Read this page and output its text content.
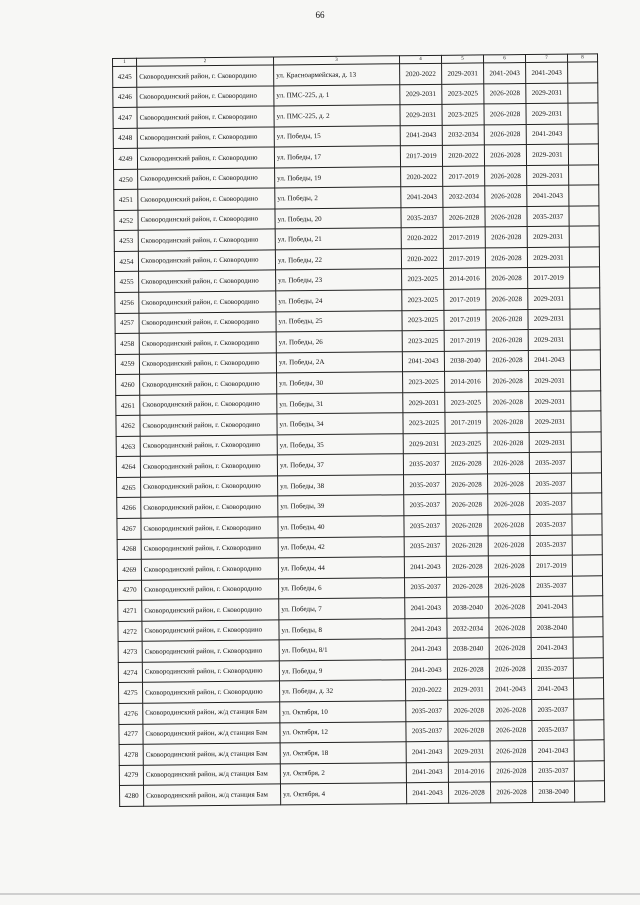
66
1	2	3	4	5	6	7	8
4245	Сковородинский район, г. Сковородино	ул. Красноармейская, д. 13	2020-2022	2029-2031	2041-2043	2041-2043	
4246	Сковородинский район, г. Сковородино	ул. ПМС-225, д. 1	2029-2031	2023-2025	2026-2028	2029-2031	
4247	Сковородинский район, г. Сковородино	ул. ПМС-225, д. 2	2029-2031	2023-2025	2026-2028	2029-2031	
4248	Сковородинский район, г. Сковородино	ул. Победы, 15	2041-2043	2032-2034	2026-2028	2041-2043	
4249	Сковородинский район, г. Сковородино	ул. Победы, 17	2017-2019	2020-2022	2026-2028	2029-2031	
4250	Сковородинский район, г. Сковородино	ул. Победы, 19	2020-2022	2017-2019	2026-2028	2029-2031	
4251	Сковородинский район, г. Сковородино	ул. Победы, 2	2041-2043	2032-2034	2026-2028	2041-2043	
4252	Сковородинский район, г. Сковородино	ул. Победы, 20	2035-2037	2026-2028	2026-2028	2035-2037	
4253	Сковородинский район, г. Сковородино	ул. Победы, 21	2020-2022	2017-2019	2026-2028	2029-2031	
4254	Сковородинский район, г. Сковородино	ул. Победы, 22	2020-2022	2017-2019	2026-2028	2029-2031	
4255	Сковородинский район, г. Сковородино	ул. Победы, 23	2023-2025	2014-2016	2026-2028	2017-2019	
4256	Сковородинский район, г. Сковородино	ул. Победы, 24	2023-2025	2017-2019	2026-2028	2029-2031	
4257	Сковородинский район, г. Сковородино	ул. Победы, 25	2023-2025	2017-2019	2026-2028	2029-2031	
4258	Сковородинский район, г. Сковородино	ул. Победы, 26	2023-2025	2017-2019	2026-2028	2029-2031	
4259	Сковородинский район, г. Сковородино	ул. Победы, 2А	2041-2043	2038-2040	2026-2028	2041-2043	
4260	Сковородинский район, г. Сковородино	ул. Победы, 30	2023-2025	2014-2016	2026-2028	2029-2031	
4261	Сковородинский район, г. Сковородино	ул. Победы, 31	2029-2031	2023-2025	2026-2028	2029-2031	
4262	Сковородинский район, г. Сковородино	ул. Победы, 34	2023-2025	2017-2019	2026-2028	2029-2031	
4263	Сковородинский район, г. Сковородино	ул. Победы, 35	2029-2031	2023-2025	2026-2028	2029-2031	
4264	Сковородинский район, г. Сковородино	ул. Победы, 37	2035-2037	2026-2028	2026-2028	2035-2037	
4265	Сковородинский район, г. Сковородино	ул. Победы, 38	2035-2037	2026-2028	2026-2028	2035-2037	
4266	Сковородинский район, г. Сковородино	ул. Победы, 39	2035-2037	2026-2028	2026-2028	2035-2037	
4267	Сковородинский район, г. Сковородино	ул. Победы, 40	2035-2037	2026-2028	2026-2028	2035-2037	
4268	Сковородинский район, г. Сковородино	ул. Победы, 42	2035-2037	2026-2028	2026-2028	2035-2037	
4269	Сковородинский район, г. Сковородино	ул. Победы, 44	2041-2043	2026-2028	2026-2028	2017-2019	
4270	Сковородинский район, г. Сковородино	ул. Победы, 6	2035-2037	2026-2028	2026-2028	2035-2037	
4271	Сковородинский район, г. Сковородино	ул. Победы, 7	2041-2043	2038-2040	2026-2028	2041-2043	
4272	Сковородинский район, г. Сковородино	ул. Победы, 8	2041-2043	2032-2034	2026-2028	2038-2040	
4273	Сковородинский район, г. Сковородино	ул. Победы, 8/1	2041-2043	2038-2040	2026-2028	2041-2043	
4274	Сковородинский район, г. Сковородино	ул. Победы, 9	2041-2043	2026-2028	2026-2028	2035-2037	
4275	Сковородинский район, г. Сковородино	ул. Победы, д. 32	2020-2022	2029-2031	2041-2043	2041-2043	
4276	Сковородинский район, ж/д станция Бам	ул. Октября, 10	2035-2037	2026-2028	2026-2028	2035-2037	
4277	Сковородинский район, ж/д станция Бам	ул. Октября, 12	2035-2037	2026-2028	2026-2028	2035-2037	
4278	Сковородинский район, ж/д станция Бам	ул. Октября, 18	2041-2043	2029-2031	2026-2028	2041-2043	
4279	Сковородинский район, ж/д станция Бам	ул. Октября, 2	2041-2043	2014-2016	2026-2028	2035-2037	
4280	Сковородинский район, ж/д станция Бам	ул. Октября, 4	2041-2043	2026-2028	2026-2028	2038-2040	
